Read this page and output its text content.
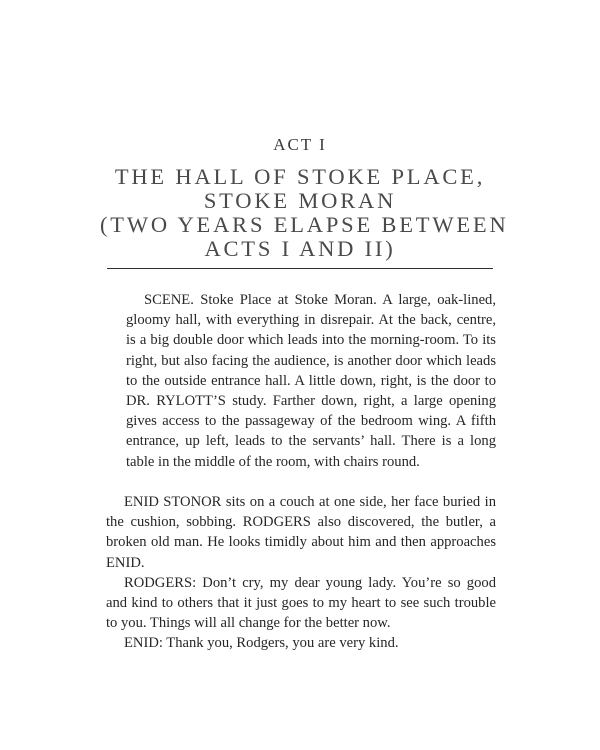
ACT I
THE HALL OF STOKE PLACE,
STOKE MORAN
(TWO YEARS ELAPSE BETWEEN
ACTS I AND II)

SCENE. Stoke Place at Stoke Moran. A large, oak-lined, gloomy hall, with everything in disrepair. At the back, centre, is a big double door which leads into the morning-room. To its right, but also facing the audience, is another door which leads to the outside entrance hall. A little down, right, is the door to DR. RYLOTT’S study. Farther down, right, a large opening gives access to the passageway of the bedroom wing. A fifth entrance, up left, leads to the servants’ hall. There is a long table in the middle of the room, with chairs round.

ENID STONOR sits on a couch at one side, her face buried in the cushion, sobbing. RODGERS also discovered, the butler, a broken old man. He looks timidly about him and then approaches ENID.

RODGERS: Don’t cry, my dear young lady. You’re so good and kind to others that it just goes to my heart to see such trouble to you. Things will all change for the better now.

ENID: Thank you, Rodgers, you are very kind.
